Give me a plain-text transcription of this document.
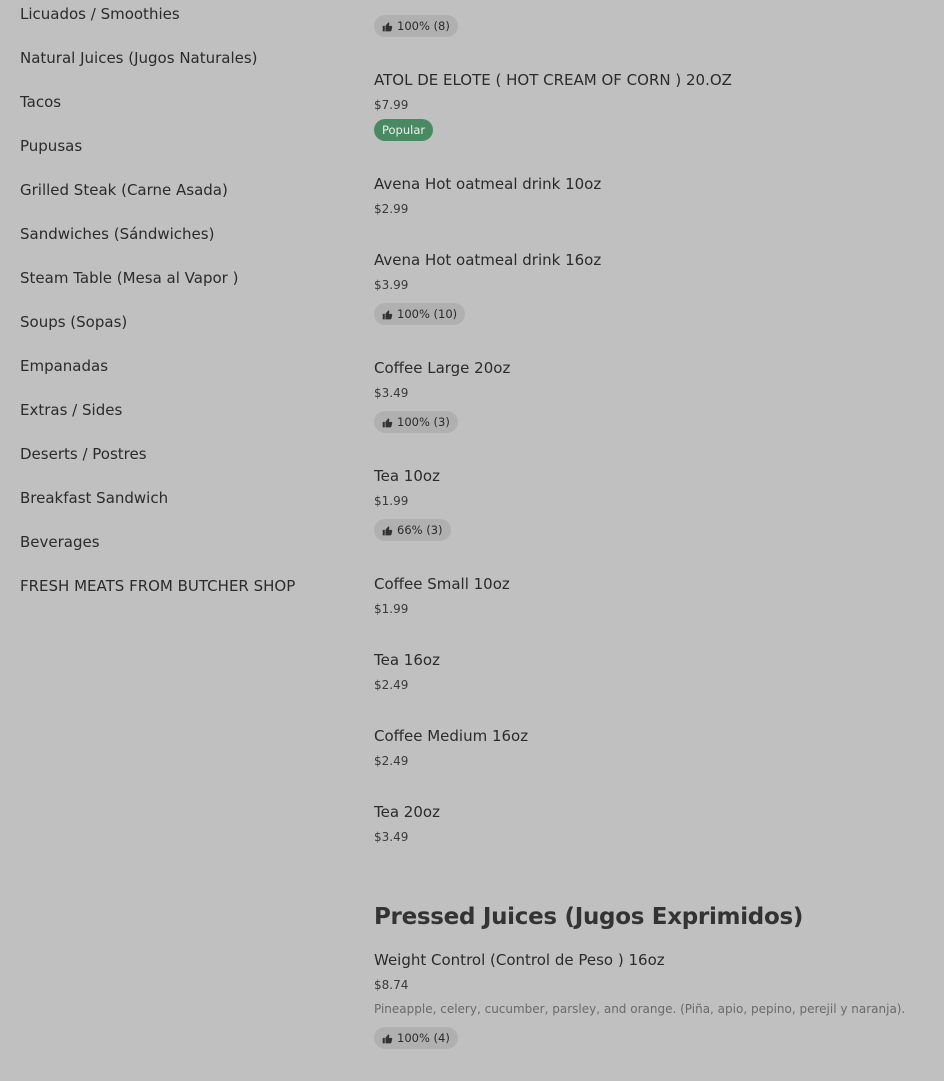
Licuados / Smoothies
Natural Juices (Jugos Naturales)
Tacos
Pupusas
Grilled Steak (Carne Asada)
Sandwiches (Sándwiches)
Steam Table (Mesa al Vapor )
Soups (Sopas)
Empanadas
Extras / Sides
Deserts / Postres
Breakfast Sandwich
Beverages
FRESH MEATS FROM BUTCHER SHOP
100% (8)
ATOL DE ELOTE ( HOT CREAM OF CORN ) 20.OZ
$7.99
Popular
Avena Hot oatmeal drink 10oz
$2.99
Avena Hot oatmeal drink 16oz
$3.99
100% (10)
Coffee Large 20oz
$3.49
100% (3)
Tea 10oz
$1.99
66% (3)
Coffee Small 10oz
$1.99
Tea 16oz
$2.49
Coffee Medium 16oz
$2.49
Tea 20oz
$3.49
Pressed Juices (Jugos Exprimidos)
Weight Control (Control de Peso ) 16oz
$8.74
Pineapple, celery, cucumber, parsley, and orange. (Piña, apio, pepino, perejil y naranja).
100% (4)
